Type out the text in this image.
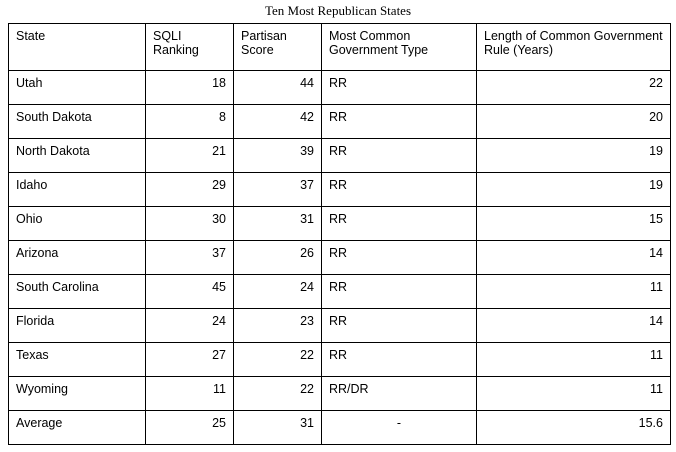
Ten Most Republican States
State	SQLI Ranking	Partisan Score	Most Common Government Type	Length of Common Government Rule (Years)
Utah	18	44	RR	22
South Dakota	8	42	RR	20
North Dakota	21	39	RR	19
Idaho	29	37	RR	19
Ohio	30	31	RR	15
Arizona	37	26	RR	14
South Carolina	45	24	RR	11
Florida	24	23	RR	14
Texas	27	22	RR	11
Wyoming	11	22	RR/DR	11
Average	25	31	-	15.6
